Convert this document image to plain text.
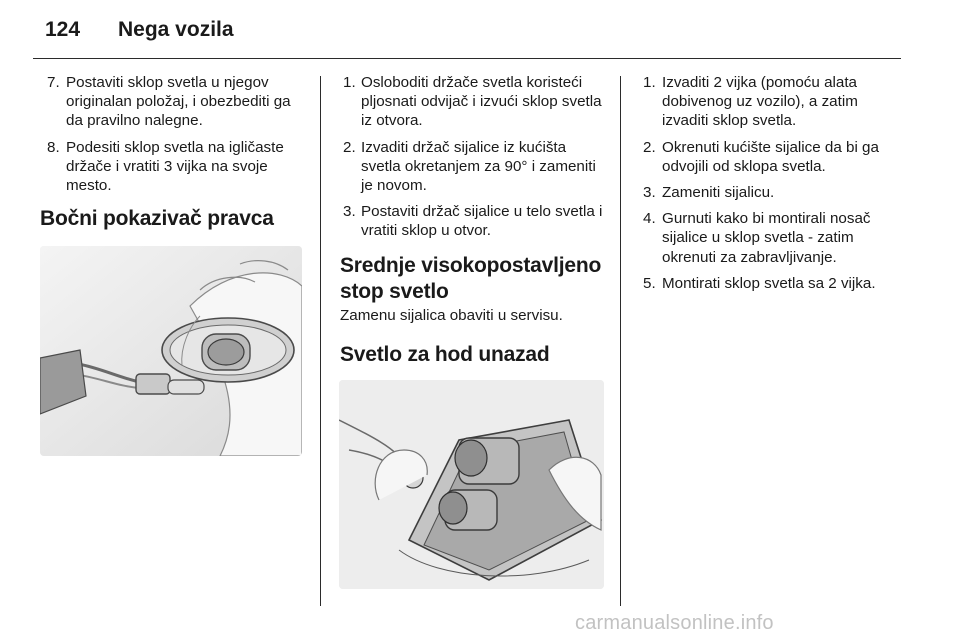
124 Nega vozila
7. Postaviti sklop svetla u njegov originalan položaj, i obezbediti ga da pravilno nalegne.
8. Podesiti sklop svetla na igličaste držače i vratiti 3 vijka na svoje mesto.
Bočni pokazivač pravca
1. Osloboditi držače svetla koristeći pljosnati odvijač i izvući sklop svetla iz otvora.
2. Izvaditi držač sijalice iz kućišta svetla okretanjem za 90° i zameniti je novom.
3. Postaviti držač sijalice u telo svetla i vratiti sklop u otvor.
Srednje visokopostavljeno stop svetlo
Zamenu sijalica obaviti u servisu.
Svetlo za hod unazad
1. Izvaditi 2 vijka (pomoću alata dobivenog uz vozilo), a zatim izvaditi sklop svetla.
2. Okrenuti kućište sijalice da bi ga odvojili od sklopa svetla.
3. Zameniti sijalicu.
4. Gurnuti kako bi montirali nosač sijalice u sklop svetla - zatim okrenuti za zabravljivanje.
5. Montirati sklop svetla sa 2 vijka.
carmanualsonline.info
